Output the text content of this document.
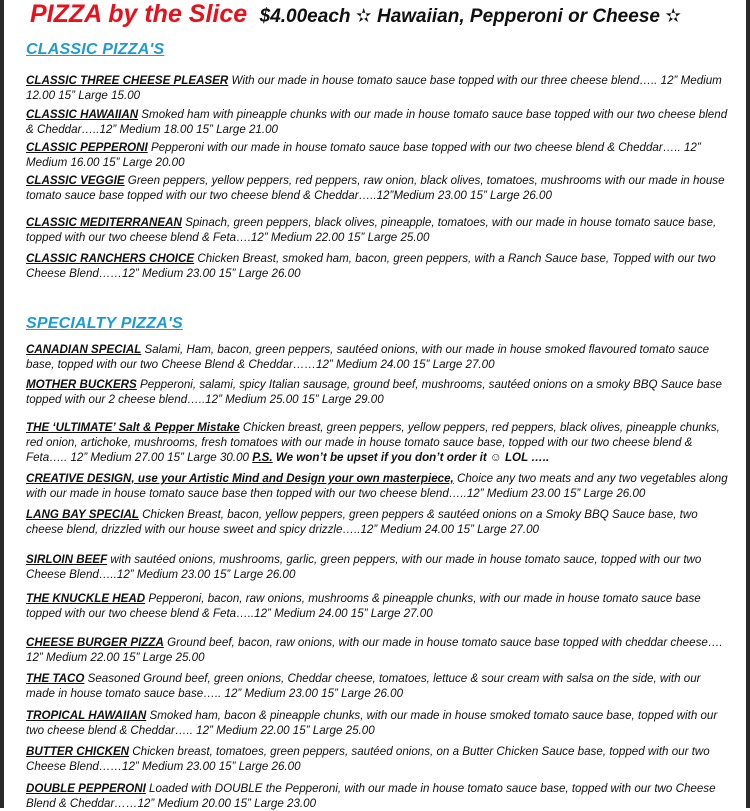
PIZZA by the Slice $4.00each ✫ Hawaiian, Pepperoni or Cheese ✫
CLASSIC PIZZA'S
CLASSIC THREE CHEESE PLEASER With our made in house tomato sauce base topped with our three cheese blend….. 12” Medium 12.00 15” Large 15.00
CLASSIC HAWAIIAN Smoked ham with pineapple chunks with our made in house tomato sauce base topped with our two cheese blend & Cheddar…..12” Medium 18.00 15” Large 21.00
CLASSIC PEPPERONI Pepperoni with our made in house tomato sauce base topped with our two cheese blend & Cheddar….. 12” Medium 16.00 15” Large 20.00
CLASSIC VEGGIE Green peppers, yellow peppers, red peppers, raw onion, black olives, tomatoes, mushrooms with our made in house tomato sauce base topped with our two cheese blend & Cheddar…..12”Medium 23.00 15” Large 26.00
CLASSIC MEDITERRANEAN Spinach, green peppers, black olives, pineapple, tomatoes, with our made in house tomato sauce base, topped with our two cheese blend & Feta….12” Medium 22.00 15” Large 25.00
CLASSIC RANCHERS CHOICE Chicken Breast, smoked ham, bacon, green peppers, with a Ranch Sauce base, Topped with our two Cheese Blend……12” Medium 23.00 15” Large 26.00
SPECIALTY PIZZA'S
CANADIAN SPECIAL Salami, Ham, bacon, green peppers, sautéed onions, with our made in house smoked flavoured tomato sauce base, topped with our two Cheese Blend & Cheddar……12” Medium 24.00 15” Large 27.00
MOTHER BUCKERS Pepperoni, salami, spicy Italian sausage, ground beef, mushrooms, sautéed onions on a smoky BBQ Sauce base topped with our 2 cheese blend…..12” Medium 25.00 15” Large 29.00
THE ‘ULTIMATE’ Salt & Pepper Mistake Chicken breast, green peppers, yellow peppers, red peppers, black olives, pineapple chunks, red onion, artichoke, mushrooms, fresh tomatoes with our made in house tomato sauce base, topped with our two cheese blend & Feta….. 12” Medium 27.00 15” Large 30.00 P.S. We won’t be upset if you don’t order it ☺ LOL …..
CREATIVE DESIGN, use your Artistic Mind and Design your own masterpiece, Choice any two meats and any two vegetables along with our made in house tomato sauce base then topped with our two cheese blend…..12” Medium 23.00 15” Large 26.00
LANG BAY SPECIAL Chicken Breast, bacon, yellow peppers, green peppers & sautéed onions on a Smoky BBQ Sauce base, two cheese blend, drizzled with our house sweet and spicy drizzle…..12” Medium 24.00 15” Large 27.00
SIRLOIN BEEF with sautéed onions, mushrooms, garlic, green peppers, with our made in house tomato sauce, topped with our two Cheese Blend…..12” Medium 23.00 15” Large 26.00
THE KNUCKLE HEAD Pepperoni, bacon, raw onions, mushrooms & pineapple chunks, with our made in house tomato sauce base topped with our two cheese blend & Feta…..12” Medium 24.00 15” Large 27.00
CHEESE BURGER PIZZA Ground beef, bacon, raw onions, with our made in house tomato sauce base topped with cheddar cheese…. 12” Medium 22.00 15” Large 25.00
THE TACO Seasoned Ground beef, green onions, Cheddar cheese, tomatoes, lettuce & sour cream with salsa on the side, with our made in house tomato sauce base….. 12” Medium 23.00 15” Large 26.00
TROPICAL HAWAIIAN Smoked ham, bacon & pineapple chunks, with our made in house smoked tomato sauce base, topped with our two cheese blend & Cheddar….. 12” Medium 22.00 15” Large 25.00
BUTTER CHICKEN Chicken breast, tomatoes, green peppers, sautéed onions, on a Butter Chicken Sauce base, topped with our two Cheese Blend……12” Medium 23.00 15” Large 26.00
DOUBLE PEPPERONI Loaded with DOUBLE the Pepperoni, with our made in house tomato sauce base, topped with our two Cheese Blend & Cheddar……12” Medium 20.00 15” Large 23.00
